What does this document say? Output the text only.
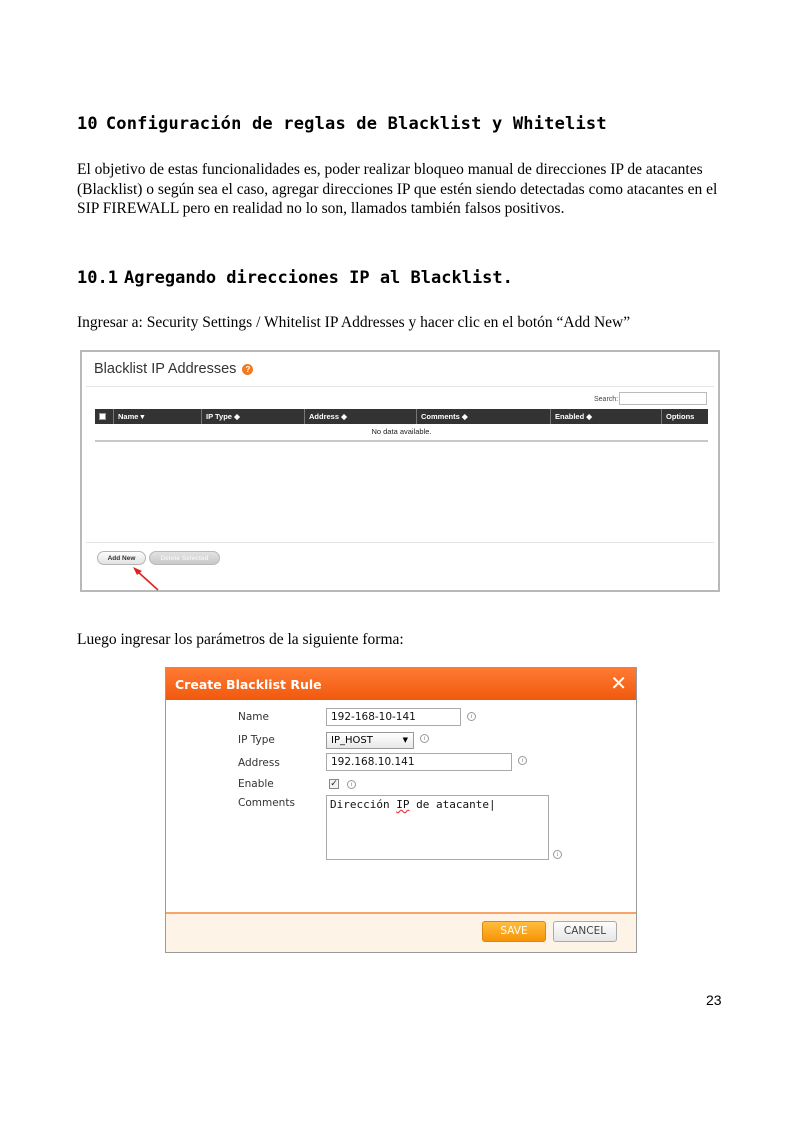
10 Configuración de reglas de Blacklist y Whitelist
El objetivo de estas funcionalidades es, poder realizar bloqueo manual de direcciones IP de atacantes (Blacklist) o según sea el caso, agregar direcciones IP que estén siendo detectadas como atacantes en el SIP FIREWALL pero en realidad no lo son, llamados también falsos positivos.
10.1 Agregando direcciones IP al Blacklist.
Ingresar a: Security Settings / Whitelist IP Addresses y hacer clic en el botón “Add New”
Blacklist IP Addresses	?
Search:
Name ▾	IP Type ◆	Address ◆	Comments ◆	Enabled ◆	Options
No data available.
Add New	Delete Selected
Luego ingresar los parámetros de la siguiente forma:
Create Blacklist Rule	✕
Name	192-168-10-141	i
IP Type	IP_HOST	▼	i
Address	192.168.10.141	i
Enable	✓	i
Comments	Dirección IP de atacante|
i
SAVE	CANCEL
23
